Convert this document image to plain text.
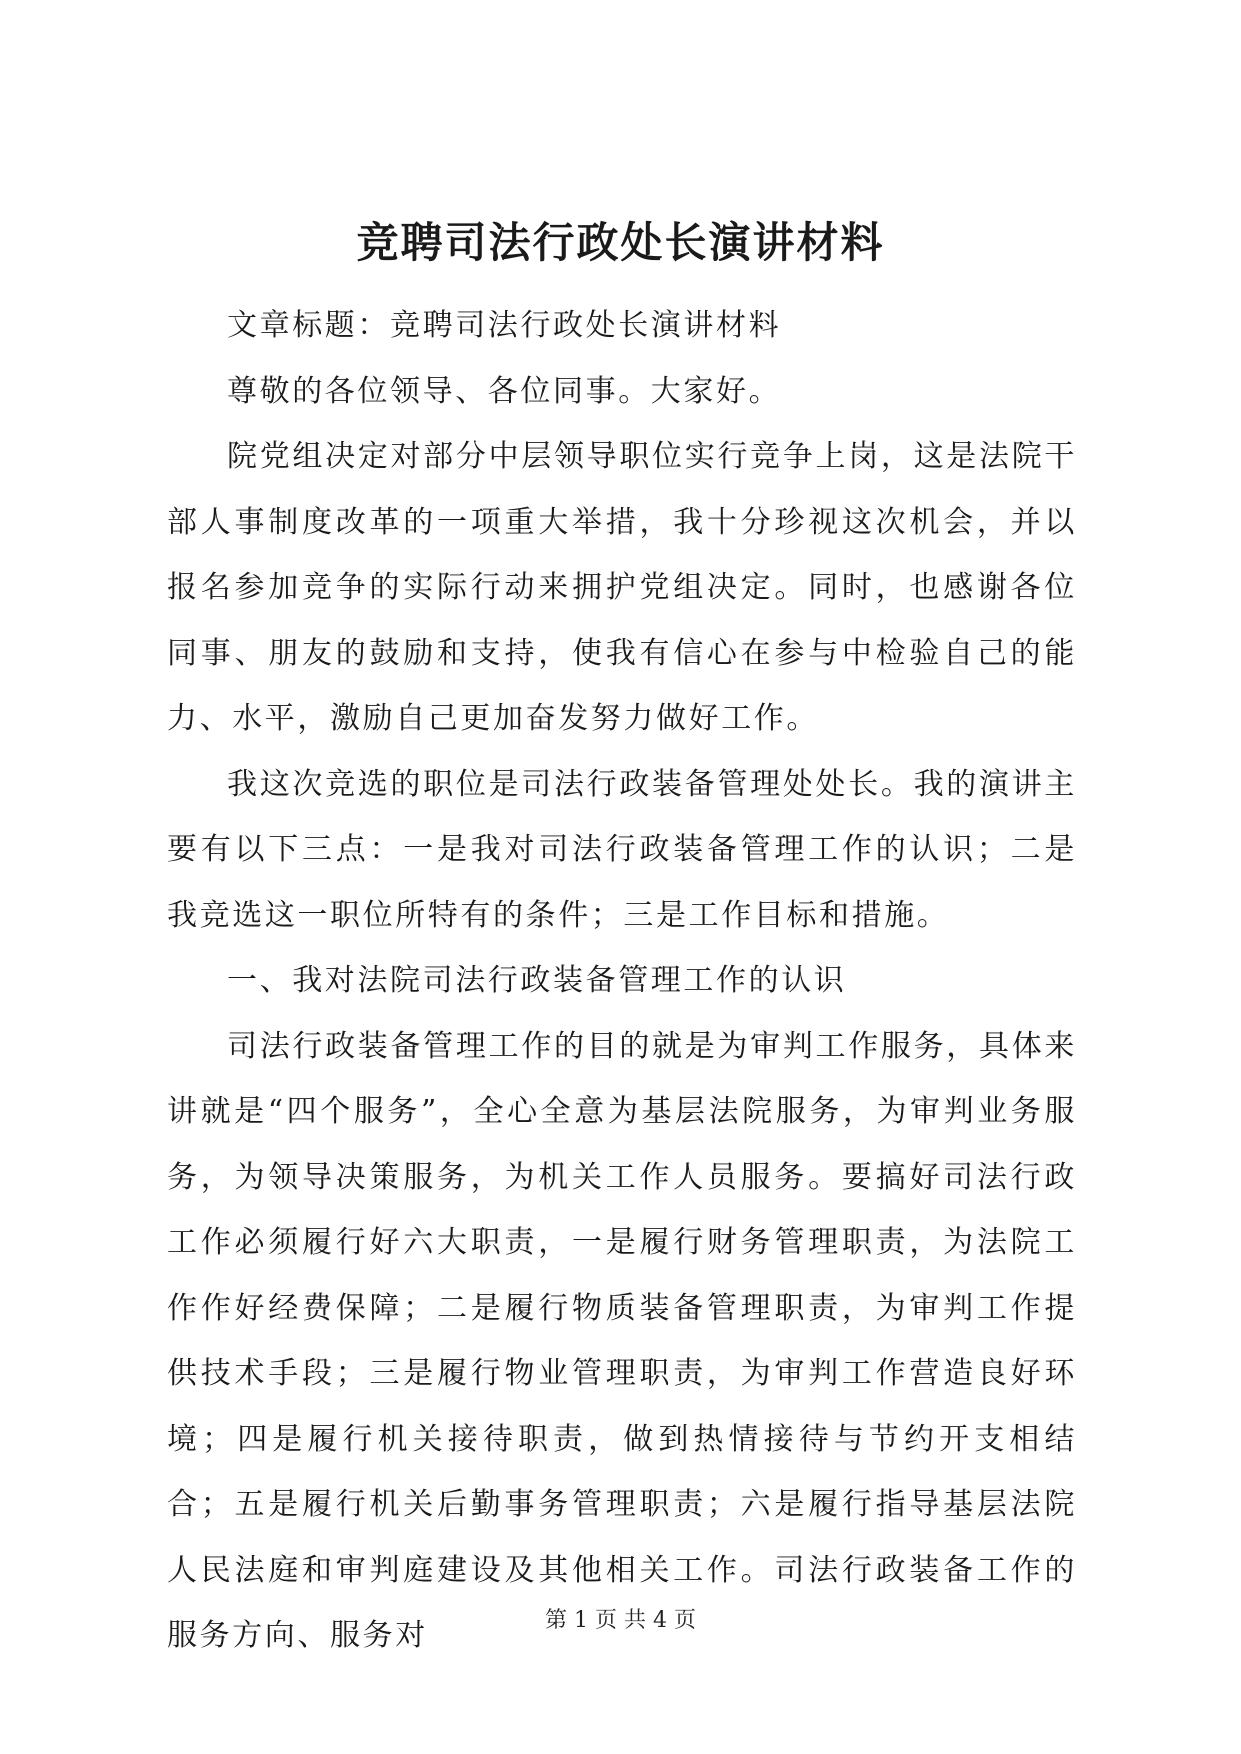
竞聘司法行政处长演讲材料

文章标题：竞聘司法行政处长演讲材料

尊敬的各位领导、各位同事。大家好。

院党组决定对部分中层领导职位实行竞争上岗，这是法院干部人事制度改革的一项重大举措，我十分珍视这次机会，并以报名参加竞争的实际行动来拥护党组决定。同时，也感谢各位同事、朋友的鼓励和支持，使我有信心在参与中检验自己的能力、水平，激励自己更加奋发努力做好工作。

我这次竞选的职位是司法行政装备管理处处长。我的演讲主要有以下三点：一是我对司法行政装备管理工作的认识；二是我竞选这一职位所特有的条件；三是工作目标和措施。

一、我对法院司法行政装备管理工作的认识

司法行政装备管理工作的目的就是为审判工作服务，具体来讲就是“四个服务”，全心全意为基层法院服务，为审判业务服务，为领导决策服务，为机关工作人员服务。要搞好司法行政工作必须履行好六大职责，一是履行财务管理职责，为法院工作作好经费保障；二是履行物质装备管理职责，为审判工作提供技术手段；三是履行物业管理职责，为审判工作营造良好环境；四是履行机关接待职责，做到热情接待与节约开支相结合；五是履行机关后勤事务管理职责；六是履行指导基层法院人民法庭和审判庭建设及其他相关工作。司法行政装备工作的服务方向、服务对	第 1 页 共 4 页
